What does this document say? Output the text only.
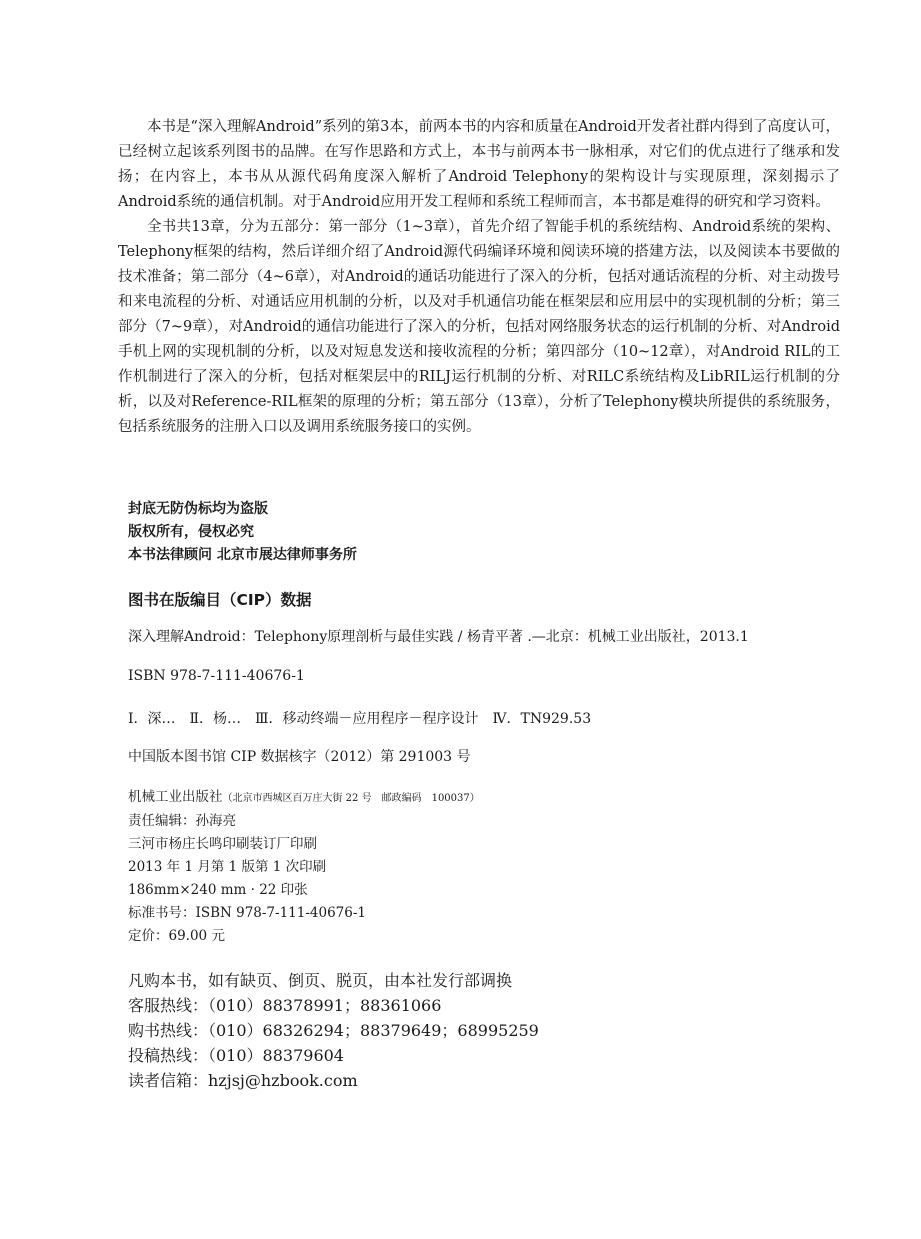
本书是“深入理解Android”系列的第3本，前两本书的内容和质量在Android开发者社群内得到了高度认可，已经树立起该系列图书的品牌。在写作思路和方式上，本书与前两本书一脉相承，对它们的优点进行了继承和发扬；在内容上，本书从从源代码角度深入解析了Android Telephony的架构设计与实现原理，深刻揭示了Android系统的通信机制。对于Android应用开发工程师和系统工程师而言，本书都是难得的研究和学习资料。

全书共13章，分为五部分：第一部分（1~3章），首先介绍了智能手机的系统结构、Android系统的架构、Telephony框架的结构，然后详细介绍了Android源代码编译环境和阅读环境的搭建方法，以及阅读本书要做的技术准备；第二部分（4~6章），对Android的通话功能进行了深入的分析，包括对通话流程的分析、对主动拨号和来电流程的分析、对通话应用机制的分析，以及对手机通信功能在框架层和应用层中的实现机制的分析；第三部分（7~9章），对Android的通信功能进行了深入的分析，包括对网络服务状态的运行机制的分析、对Android手机上网的实现机制的分析，以及对短息发送和接收流程的分析；第四部分（10~12章），对Android RIL的工作机制进行了深入的分析，包括对框架层中的RILJ运行机制的分析、对RILC系统结构及LibRIL运行机制的分析，以及对Reference-RIL框架的原理的分析；第五部分（13章），分析了Telephony模块所提供的系统服务，包括系统服务的注册入口以及调用系统服务接口的实例。

封底无防伪标均为盗版
版权所有，侵权必究
本书法律顾问 北京市展达律师事务所
图书在版编目（CIP）数据
深入理解Android：Telephony原理剖析与最佳实践 / 杨青平著 .—北京：机械工业出版社，2013.1
ISBN 978-7-111-40676-1
Ⅰ．深…　Ⅱ．杨…　Ⅲ．移动终端－应用程序－程序设计　Ⅳ．TN929.53
中国版本图书馆 CIP 数据核字（2012）第 291003 号
机械工业出版社（北京市西城区百万庄大街 22 号　邮政编码　100037）
责任编辑：孙海亮
三河市杨庄长鸣印刷装订厂印刷
2013 年 1 月第 1 版第 1 次印刷
186mm×240 mm · 22 印张
标准书号：ISBN 978-7-111-40676-1
定价：69.00 元
凡购本书，如有缺页、倒页、脱页，由本社发行部调换
客服热线：（010）88378991；88361066
购书热线：（010）68326294；88379649；68995259
投稿热线：（010）88379604
读者信箱：hzjsj@hzbook.com
